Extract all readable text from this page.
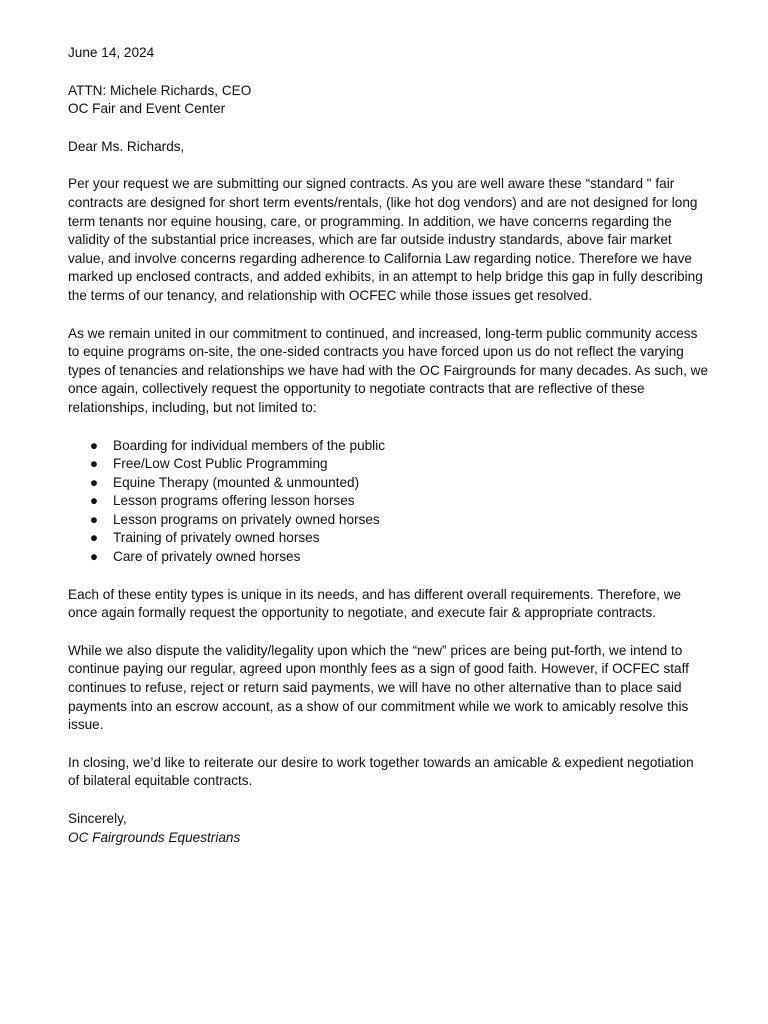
June 14, 2024

ATTN: Michele Richards, CEO
OC Fair and Event Center

Dear Ms. Richards,

Per your request we are submitting our signed contracts. As you are well aware these “standard " fair contracts are designed for short term events/rentals, (like hot dog vendors) and are not designed for long term tenants nor equine housing, care, or programming. In addition, we have concerns regarding the validity of the substantial price increases, which are far outside industry standards, above fair market value, and involve concerns regarding adherence to California Law regarding notice. Therefore we have marked up enclosed contracts, and added exhibits, in an attempt to help bridge this gap in fully describing the terms of our tenancy, and relationship with OCFEC while those issues get resolved.

As we remain united in our commitment to continued, and increased, long-term public community access to equine programs on-site, the one-sided contracts you have forced upon us do not reflect the varying types of tenancies and relationships we have had with the OC Fairgrounds for many decades. As such, we once again, collectively request the opportunity to negotiate contracts that are reflective of these relationships, including, but not limited to:

● Boarding for individual members of the public
● Free/Low Cost Public Programming
● Equine Therapy (mounted & unmounted)
● Lesson programs offering lesson horses
● Lesson programs on privately owned horses
● Training of privately owned horses
● Care of privately owned horses

Each of these entity types is unique in its needs, and has different overall requirements. Therefore, we once again formally request the opportunity to negotiate, and execute fair & appropriate contracts.

While we also dispute the validity/legality upon which the “new” prices are being put-forth, we intend to continue paying our regular, agreed upon monthly fees as a sign of good faith. However, if OCFEC staff continues to refuse, reject or return said payments, we will have no other alternative than to place said payments into an escrow account, as a show of our commitment while we work to amicably resolve this issue.

In closing, we’d like to reiterate our desire to work together towards an amicable & expedient negotiation of bilateral equitable contracts.

Sincerely,
OC Fairgrounds Equestrians
